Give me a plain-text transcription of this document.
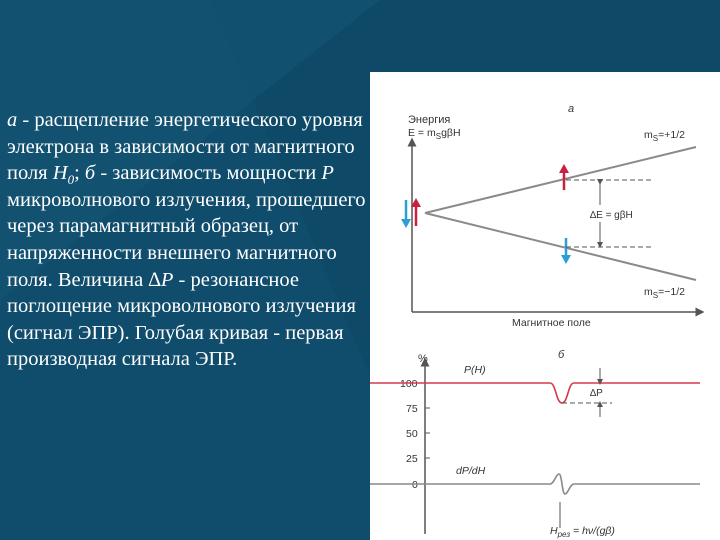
а - расщепление энергетического уровня электрона в зависимости от магнитного поля $H_0$; б - зависимость мощности P микроволнового излучения, прошедшего через парамагнитный образец, от напряженности внешнего магнитного поля. Величина ∆P - резонансное поглощение микроволнового излучения (сигнал ЭПР). Голубая кривая - первая производная сигнала ЭПР.
а
Энергия
$E = m_Sg\beta H$
Магнитное поле
$m_S=+1/2$
$m_S=-1/2$
∆E = gβH
б
%
100
75
50
25
0
P(H)
∆P
dP/dH
$H_{рез} = h\nu/(g\beta)$
